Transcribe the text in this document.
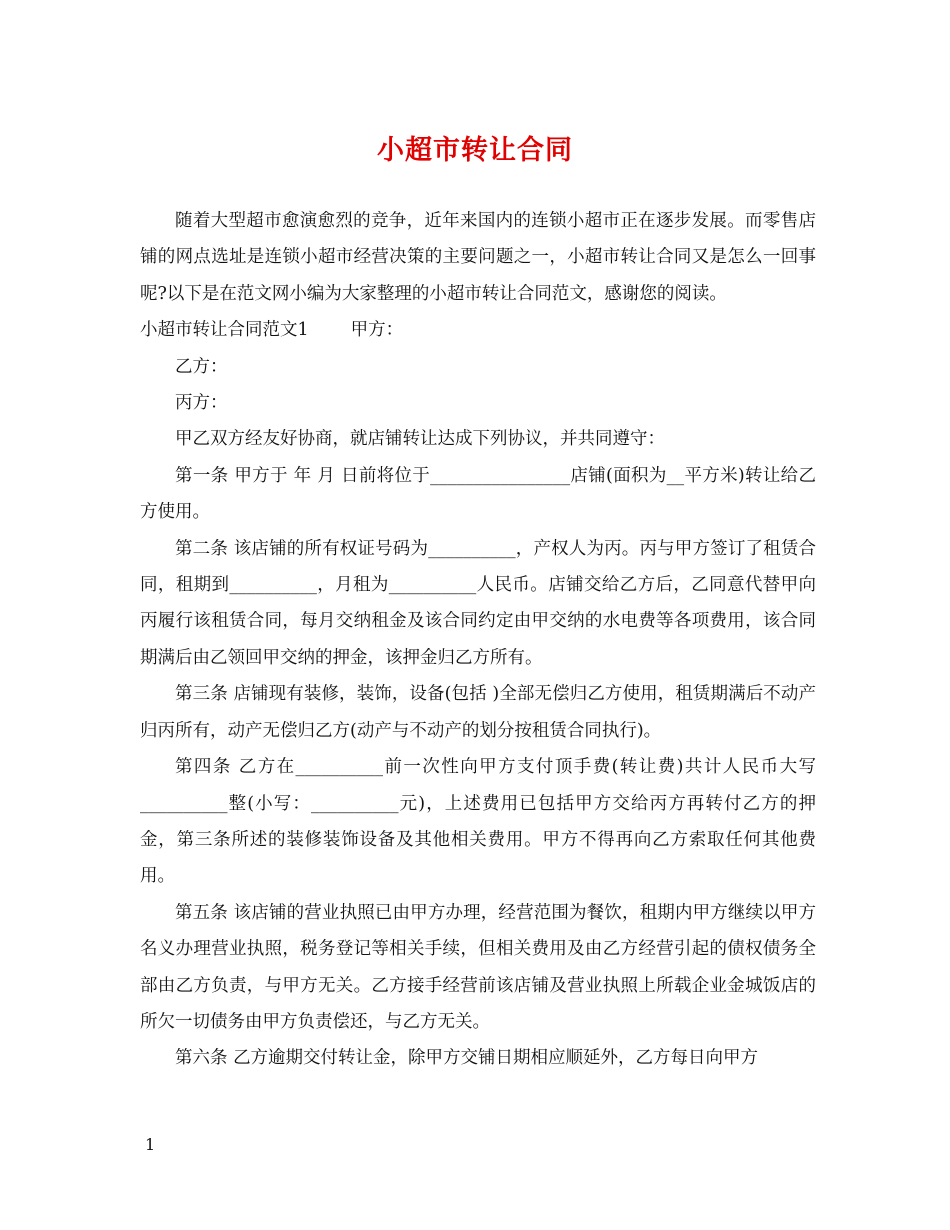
小超市转让合同

随着大型超市愈演愈烈的竞争，近年来国内的连锁小超市正在逐步发展。而零售店铺的网点选址是连锁小超市经营决策的主要问题之一，小超市转让合同又是怎么一回事呢?以下是在范文网小编为大家整理的小超市转让合同范文，感谢您的阅读。

小超市转让合同范文1 甲方：

乙方：

丙方：

甲乙双方经友好协商，就店铺转让达成下列协议，并共同遵守：

第一条 甲方于 年 月 日前将位于________________店铺(面积为__平方米)转让给乙方使用。

第二条 该店铺的所有权证号码为__________，产权人为丙。丙与甲方签订了租赁合同，租期到__________，月租为__________人民币。店铺交给乙方后，乙同意代替甲向丙履行该租赁合同，每月交纳租金及该合同约定由甲交纳的水电费等各项费用，该合同期满后由乙领回甲交纳的押金，该押金归乙方所有。

第三条 店铺现有装修，装饰，设备(包括 )全部无偿归乙方使用，租赁期满后不动产归丙所有，动产无偿归乙方(动产与不动产的划分按租赁合同执行)。

第四条 乙方在__________前一次性向甲方支付顶手费(转让费)共计人民币大写__________整(小写：__________元)，上述费用已包括甲方交给丙方再转付乙方的押金，第三条所述的装修装饰设备及其他相关费用。甲方不得再向乙方索取任何其他费用。

第五条 该店铺的营业执照已由甲方办理，经营范围为餐饮，租期内甲方继续以甲方名义办理营业执照，税务登记等相关手续，但相关费用及由乙方经营引起的债权债务全部由乙方负责，与甲方无关。乙方接手经营前该店铺及营业执照上所载企业金城饭店的所欠一切债务由甲方负责偿还，与乙方无关。

第六条 乙方逾期交付转让金，除甲方交铺日期相应顺延外，乙方每日向甲方

1
